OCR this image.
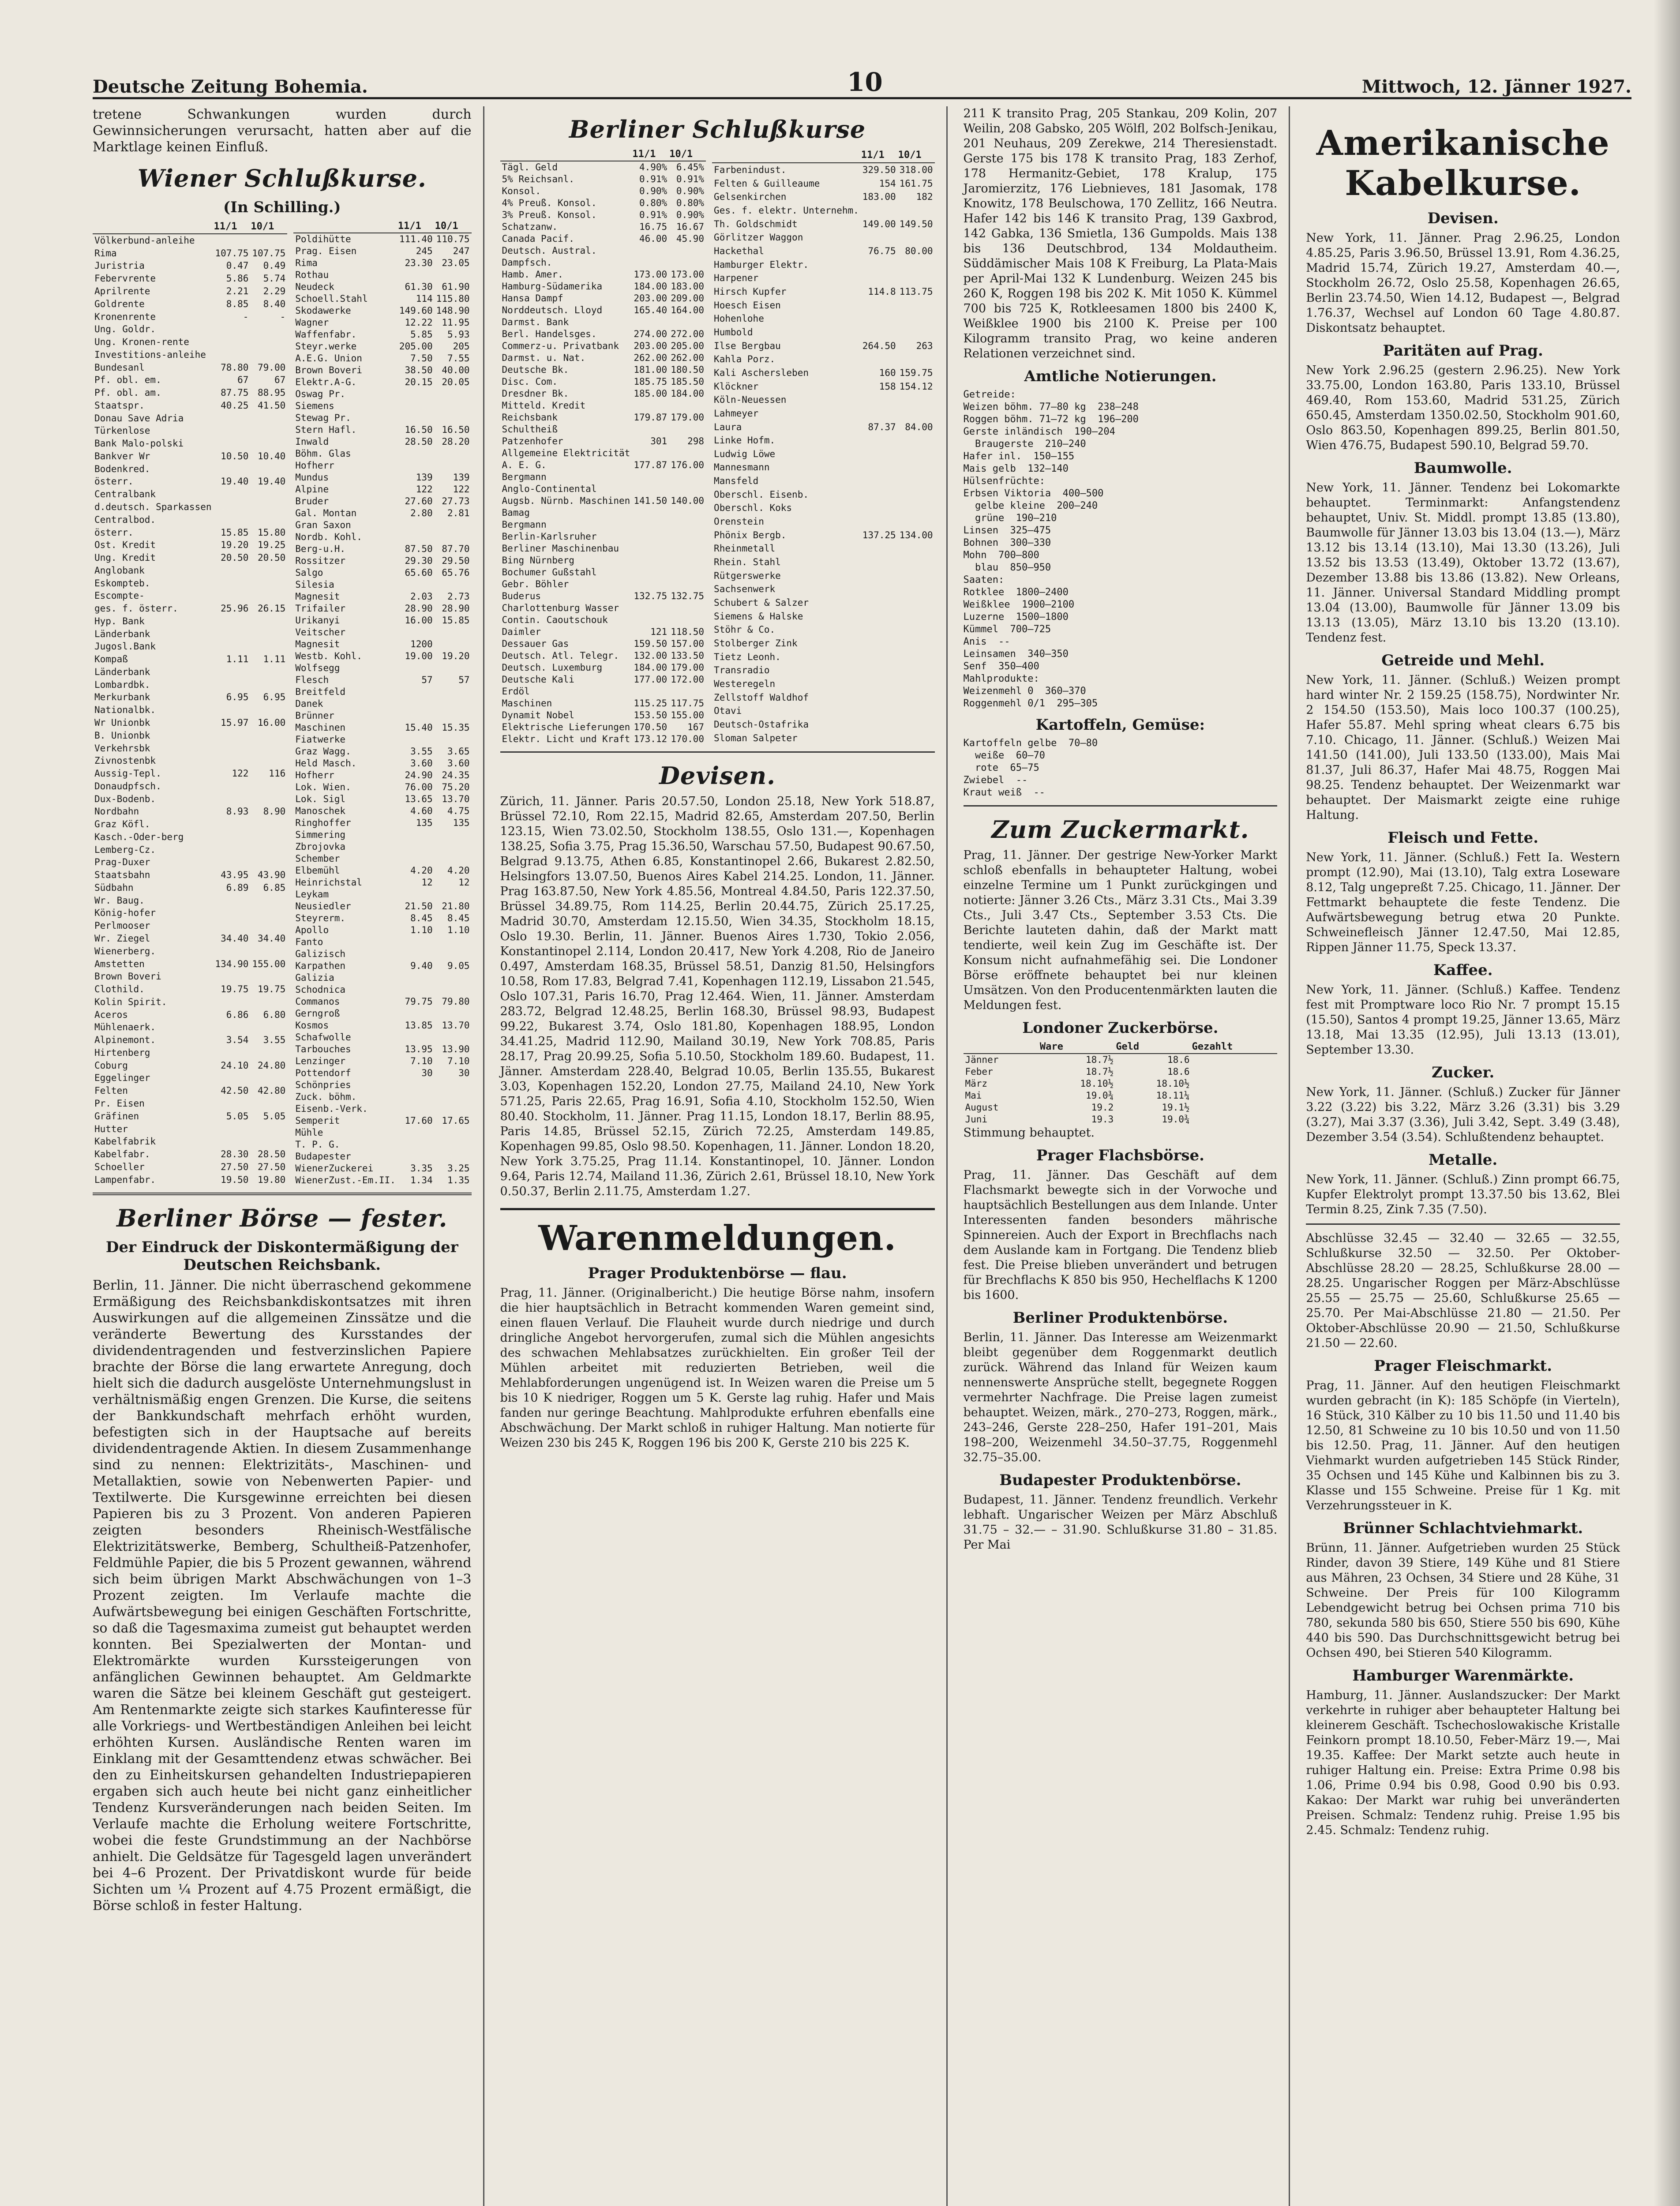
Deutsche Zeitung Bohemia.	10	Mittwoch, 12. Jänner 1927.

tretene Schwankungen wurden durch Gewinnsicherungen verursacht, hatten aber auf die Marktlage keinen Einfluß.

Wiener Schlußkurse.
(In Schilling.)
	11/1	10/1
Völkerbund-anleihe		
Rima	107.75	107.75
Juristria	0.47	0.49
Febervrente	5.86	5.74
Aprilrente	2.21	2.29
Goldrente	8.85	8.40
Kronenrente	-	-
Ung. Goldr.		
Ung. Kronen-rente		
Investitions-anleihe		
Bundesanl	78.80	79.00
Pf. obl. em.	67	67
Pf. obl. am.	87.75	88.95
Staatspr.	40.25	41.50
Donau Save Adria		
Türkenlose		
Bank Malo-polski		
Bankver Wr	10.50	10.40
Bodenkred.		
österr.	19.40	19.40
Centralbank		
d.deutsch. Sparkassen		
Centralbod.		
österr.	15.85	15.80
Ost. Kredit	19.20	19.25
Ung. Kredit	20.50	20.50
Anglobank		
Eskompteb.		
Escompte-		
ges. f. österr.	25.96	26.15
Hyp. Bank		
Länderbank		
Jugosl.Bank		
Kompaß	1.11	1.11
Länderbank		
Lombardbk.		
Merkurbank	6.95	6.95
Nationalbk.		
Wr Unionbk	15.97	16.00
B. Unionbk		
Verkehrsbk		
Zivnostenbk		
Aussig-Tepl.	122	116
Donaudpfsch.		
Dux-Bodenb.		
Nordbahn	8.93	8.90
Graz Köfl.		
Kasch.-Oder-berg		
Lemberg-Cz.		
Prag-Duxer		
Staatsbahn	43.95	43.90
Südbahn	6.89	6.85
Wr. Baug.		
König-hofer		
Perlmooser		
Wr. Ziegel	34.40	34.40
Wienerberg.		
Amstetten	134.90	155.00
Brown Boveri		
Clothild.	19.75	19.75
Kolin Spirit.		
Aceros	6.86	6.80
Mühlenaerk.		
Alpinemont.	3.54	3.55
Hirtenberg		
Coburg	24.10	24.80
Eggelinger		
Felten	42.50	42.80
Pr. Eisen		
Gräfinen	5.05	5.05
Hutter		
Kabelfabrik		
Kabelfabr.	28.30	28.50
Schoeller	27.50	27.50
Lampenfabr.	19.50	19.80
	11/1	10/1
Poldihütte	111.40	110.75
Prag. Eisen	245	247
Rima	23.30	23.05
Rothau		
Neudeck	61.30	61.90
Schoell.Stahl	114	115.80
Skodawerke	149.60	148.90
Wagner	12.22	11.95
Waffenfabr.	5.85	5.93
Steyr.werke	205.00	205
A.E.G. Union	7.50	7.55
Brown Boveri	38.50	40.00
Elektr.A-G.	20.15	20.05
Oswag Pr.		
Siemens		
Stewag Pr.		
Stern Hafl.	16.50	16.50
Inwald	28.50	28.20
Böhm. Glas		
Hofherr		
Mundus	139	139
Alpine	122	122
Bruder	27.60	27.73
Gal. Montan	2.80	2.81
Gran Saxon		
Nordb. Kohl.		
Berg-u.H.	87.50	87.70
Rossitzer	29.30	29.50
Salgo	65.60	65.76
Silesia		
Magnesit	2.03	2.73
Trifailer	28.90	28.90
Urikanyi	16.00	15.85
Veitscher		
Magnesit	1200	
Westb. Kohl.	19.00	19.20
Wolfsegg		
Flesch	57	57
Breitfeld		
Danek		
Brünner		
Maschinen	15.40	15.35
Fiatwerke		
Graz Wagg.	3.55	3.65
Held Masch.	3.60	3.60
Hofherr	24.90	24.35
Lok. Wien.	76.00	75.20
Lok. Sigl	13.65	13.70
Manoschek	4.60	4.75
Ringhoffer	135	135
Simmering		
Zbrojovka		
Schember		
Elbemühl	4.20	4.20
Heinrichstal	12	12
Leykam		
Neusiedler	21.50	21.80
Steyrerm.	8.45	8.45
Apollo	1.10	1.10
Fanto		
Galizisch		
Karpathen	9.40	9.05
Galizia		
Schodnica		
Commanos	79.75	79.80
Gerngroß		
Kosmos	13.85	13.70
Schafwolle		
Tarbouches	13.95	13.90
Lenzinger	7.10	7.10
Pottendorf	30	30
Schönpries		
Zuck. böhm.		
Eisenb.-Verk.		
Semperit	17.60	17.65
Mühle		
T. P. G.		
Budapester		
WienerZuckerei	3.35	3.25
WienerZust.-Em.II.	1.34	1.35
Berliner Börse — fester.
Der Eindruck der Diskontermäßigung der Deutschen Reichsbank.

Berlin, 11. Jänner. Die nicht überraschend gekommene Ermäßigung des Reichsbankdiskontsatzes mit ihren Auswirkungen auf die allgemeinen Zinssätze und die veränderte Bewertung des Kursstandes der dividendentragenden und festverzinslichen Papiere brachte der Börse die lang erwartete Anregung, doch hielt sich die dadurch ausgelöste Unternehmungslust in verhältnismäßig engen Grenzen. Die Kurse, die seitens der Bankkundschaft mehrfach erhöht wurden, befestigten sich in der Hauptsache auf bereits dividendentragende Aktien. In diesem Zusammenhange sind zu nennen: Elektrizitäts-, Maschinen- und Metallaktien, sowie von Nebenwerten Papier- und Textilwerte. Die Kursgewinne erreichten bei diesen Papieren bis zu 3 Prozent. Von anderen Papieren zeigten besonders Rheinisch-Westfälische Elektrizitätswerke, Bemberg, Schultheiß-Patzenhofer, Feldmühle Papier, die bis 5 Prozent gewannen, während sich beim übrigen Markt Abschwächungen von 1–3 Prozent zeigten. Im Verlaufe machte die Aufwärtsbewegung bei einigen Geschäften Fortschritte, so daß die Tagesmaxima zumeist gut behauptet werden konnten. Bei Spezialwerten der Montan- und Elektromärkte wurden Kurssteigerungen von anfänglichen Gewinnen behauptet. Am Geldmarkte waren die Sätze bei kleinem Geschäft gut gesteigert. Am Rentenmarkte zeigte sich starkes Kaufinteresse für alle Vorkriegs- und Wertbeständigen Anleihen bei leicht erhöhten Kursen. Ausländische Renten waren im Einklang mit der Gesamttendenz etwas schwächer. Bei den zu Einheitskursen gehandelten Industriepapieren ergaben sich auch heute bei nicht ganz einheitlicher Tendenz Kursveränderungen nach beiden Seiten. Im Verlaufe machte die Erholung weitere Fortschritte, wobei die feste Grundstimmung an der Nachbörse anhielt. Die Geldsätze für Tagesgeld lagen unverändert bei 4–6 Prozent. Der Privatdiskont wurde für beide Sichten um ¼ Prozent auf 4.75 Prozent ermäßigt, die Börse schloß in fester Haltung.

Berliner Schlußkurse
	11/1	10/1
Tägl. Geld	4.90%	6.45%
5% Reichsanl.	0.91%	0.91%
Konsol.	0.90%	0.90%
4% Preuß. Konsol.	0.80%	0.80%
3% Preuß. Konsol.	0.91%	0.90%
Schatzanw.	16.75	16.67
Canada Pacif.	46.00	45.90
Deutsch. Austral.		
Dampfsch.		
Hamb. Amer.	173.00	173.00
Hamburg-Südamerika	184.00	183.00
Hansa Dampf	203.00	209.00
Norddeutsch. Lloyd	165.40	164.00
Darmst. Bank		
Berl. Handelsges.	274.00	272.00
Commerz-u. Privatbank	203.00	205.00
Darmst. u. Nat.	262.00	262.00
Deutsche Bk.	181.00	180.50
Disc. Com.	185.75	185.50
Dresdner Bk.	185.00	184.00
Mitteld. Kredit		
Reichsbank	179.87	179.00
Schultheiß		
Patzenhofer	301	298
Allgemeine Elektricität		
A. E. G.	177.87	176.00
Bergmann		
Anglo-Continental		
Augsb. Nürnb. Maschinen	141.50	140.00
Bamag		
Bergmann		
Berlin-Karlsruher		
Berliner Maschinenbau		
Bing Nürnberg		
Bochumer Gußstahl		
Gebr. Böhler		
Buderus	132.75	132.75
Charlottenburg Wasser		
Contin. Caoutschouk		
Daimler	121	118.50
Dessauer Gas	159.50	157.00
Deutsch. Atl. Telegr.	132.00	133.50
Deutsch. Luxemburg	184.00	179.00
Deutsche Kali	177.00	172.00
Erdöl		
Maschinen	115.25	117.75
Dynamit Nobel	153.50	155.00
Elektrische Lieferungen	170.50	167
Elektr. Licht und Kraft	173.12	170.00
	11/1	10/1
Farbenindust.	329.50	318.00
Felten & Guilleaume	154	161.75
Gelsenkirchen	183.00	182
Ges. f. elektr. Unternehm.		
Th. Goldschmidt	149.00	149.50
Görlitzer Waggon		
Hackethal	76.75	80.00
Hamburger Elektr.		
Harpener		
Hirsch Kupfer	114.8	113.75
Hoesch Eisen		
Hohenlohe		
Humbold		
Ilse Bergbau	264.50	263
Kahla Porz.		
Kali Aschersleben	160	159.75
Klöckner	158	154.12
Köln-Neuessen		
Lahmeyer		
Laura	87.37	84.00
Linke Hofm.		
Ludwig Löwe		
Mannesmann		
Mansfeld		
Oberschl. Eisenb.		
Oberschl. Koks		
Orenstein		
Phönix Bergb.	137.25	134.00
Rheinmetall		
Rhein. Stahl		
Rütgerswerke		
Sachsenwerk		
Schubert & Salzer		
Siemens & Halske		
Stöhr & Co.		
Stolberger Zink		
Tietz Leonh.		
Transradio		
Westeregeln		
Zellstoff Waldhof		
Otavi		
Deutsch-Ostafrika		
Sloman Salpeter		
Devisen.

Zürich, 11. Jänner. Paris 20.57.50, London 25.18, New York 518.87, Brüssel 72.10, Rom 22.15, Madrid 82.65, Amsterdam 207.50, Berlin 123.15, Wien 73.02.50, Stockholm 138.55, Oslo 131.—, Kopenhagen 138.25, Sofia 3.75, Prag 15.36.50, Warschau 57.50, Budapest 90.67.50, Belgrad 9.13.75, Athen 6.85, Konstantinopel 2.66, Bukarest 2.82.50, Helsingfors 13.07.50, Buenos Aires Kabel 214.25. London, 11. Jänner. Prag 163.87.50, New York 4.85.56, Montreal 4.84.50, Paris 122.37.50, Brüssel 34.89.75, Rom 114.25, Berlin 20.44.75, Zürich 25.17.25, Madrid 30.70, Amsterdam 12.15.50, Wien 34.35, Stockholm 18.15, Oslo 19.30. Berlin, 11. Jänner. Buenos Aires 1.730, Tokio 2.056, Konstantinopel 2.114, London 20.417, New York 4.208, Rio de Janeiro 0.497, Amsterdam 168.35, Brüssel 58.51, Danzig 81.50, Helsingfors 10.58, Rom 17.83, Belgrad 7.41, Kopenhagen 112.19, Lissabon 21.545, Oslo 107.31, Paris 16.70, Prag 12.464. Wien, 11. Jänner. Amsterdam 283.72, Belgrad 12.48.25, Berlin 168.30, Brüssel 98.93, Budapest 99.22, Bukarest 3.74, Oslo 181.80, Kopenhagen 188.95, London 34.41.25, Madrid 112.90, Mailand 30.19, New York 708.85, Paris 28.17, Prag 20.99.25, Sofia 5.10.50, Stockholm 189.60. Budapest, 11. Jänner. Amsterdam 228.40, Belgrad 10.05, Berlin 135.55, Bukarest 3.03, Kopenhagen 152.20, London 27.75, Mailand 24.10, New York 571.25, Paris 22.65, Prag 16.91, Sofia 4.10, Stockholm 152.50, Wien 80.40. Stockholm, 11. Jänner. Prag 11.15, London 18.17, Berlin 88.95, Paris 14.85, Brüssel 52.15, Zürich 72.25, Amsterdam 149.85, Kopenhagen 99.85, Oslo 98.50. Kopenhagen, 11. Jänner. London 18.20, New York 3.75.25, Prag 11.14. Konstantinopel, 10. Jänner. London 9.64, Paris 12.74, Mailand 11.36, Zürich 2.61, Brüssel 18.10, New York 0.50.37, Berlin 2.11.75, Amsterdam 1.27.

Warenmeldungen.
Prager Produktenbörse — flau.

Prag, 11. Jänner. (Originalbericht.) Die heutige Börse nahm, insofern die hier hauptsächlich in Betracht kommenden Waren gemeint sind, einen flauen Verlauf. Die Flauheit wurde durch niedrige und durch dringliche Angebot hervorgerufen, zumal sich die Mühlen angesichts des schwachen Mehlabsatzes zurückhielten. Ein großer Teil der Mühlen arbeitet mit reduzierten Betrieben, weil die Mehlabforderungen ungenügend ist. In Weizen waren die Preise um 5 bis 10 K niedriger, Roggen um 5 K. Gerste lag ruhig. Hafer und Mais fanden nur geringe Beachtung. Mahlprodukte erfuhren ebenfalls eine Abschwächung. Der Markt schloß in ruhiger Haltung. Man notierte für Weizen 230 bis 245 K, Roggen 196 bis 200 K, Gerste 210 bis 225 K.

211 K transito Prag, 205 Stankau, 209 Kolin, 207 Weilin, 208 Gabsko, 205 Wölfl, 202 Bolfsch-Jenikau, 201 Neuhaus, 209 Zerekwe, 214 Theresienstadt. Gerste 175 bis 178 K transito Prag, 183 Zerhof, 178 Hermanitz-Gebiet, 178 Kralup, 175 Jaromierzitz, 176 Liebnieves, 181 Jasomak, 178 Knowitz, 178 Beulschowa, 170 Zellitz, 166 Neutra. Hafer 142 bis 146 K transito Prag, 139 Gaxbrod, 142 Gabka, 136 Smietla, 136 Gumpolds. Mais 138 bis 136 Deutschbrod, 134 Moldautheim. Süddämischer Mais 108 K Freiburg, La Plata-Mais per April-Mai 132 K Lundenburg. Weizen 245 bis 260 K, Roggen 198 bis 202 K. Mit 1050 K. Kümmel 700 bis 725 K, Rotkleesamen 1800 bis 2400 K, Weißklee 1900 bis 2100 K. Preise per 100 Kilogramm transito Prag, wo keine anderen Relationen verzeichnet sind.

Amtliche Notierungen.
Getreide:
Weizen böhm. 77–80 kg  238–248
Roggen böhm. 71–72 kg  196–200
Gerste inländisch  190–204
Braugerste  210–240
Hafer inl.  150–155
Mais gelb  132–140
Hülsenfrüchte:
Erbsen Viktoria  400–500
gelbe kleine  200–240
grüne  190–210
Linsen  325–475
Bohnen  300–330
Mohn  700–800
blau  850–950
Saaten:
Rotklee  1800–2400
Weißklee  1900–2100
Luzerne  1500–1800
Kümmel  700–725
Anis  --
Leinsamen  340–350
Senf  350–400
Mahlprodukte:
Weizenmehl 0  360–370
Roggenmehl 0/1  295–305
Kartoffeln, Gemüse:
Kartoffeln gelbe  70–80
weiße  60–70
rote  65–75
Zwiebel  --
Kraut weiß  --
Zum Zuckermarkt.

Prag, 11. Jänner. Der gestrige New-Yorker Markt schloß ebenfalls in behaupteter Haltung, wobei einzelne Termine um 1 Punkt zurückgingen und notierte: Jänner 3.26 Cts., März 3.31 Cts., Mai 3.39 Cts., Juli 3.47 Cts., September 3.53 Cts. Die Berichte lauteten dahin, daß der Markt matt tendierte, weil kein Zug im Geschäfte ist. Der Konsum nicht aufnahmefähig sei. Die Londoner Börse eröffnete behauptet bei nur kleinen Umsätzen. Von den Producentenmärkten lauten die Meldungen fest.

Londoner Zuckerbörse.
	Ware	Geld	Gezahlt
Jänner	18.7½	18.6	
Feber	18.7½	18.6	
März	18.10½	18.10½	
Mai	19.0¾	18.11¼	
August	19.2	19.1½	
Juni	19.3	19.0¾	

Stimmung behauptet.

Prager Flachsbörse.

Prag, 11. Jänner. Das Geschäft auf dem Flachsmarkt bewegte sich in der Vorwoche und hauptsächlich Bestellungen aus dem Inlande. Unter Interessenten fanden besonders mährische Spinnereien. Auch der Export in Brechflachs nach dem Auslande kam in Fortgang. Die Tendenz blieb fest. Die Preise blieben unverändert und betrugen für Brechflachs K 850 bis 950, Hechelflachs K 1200 bis 1600.

Berliner Produktenbörse.

Berlin, 11. Jänner. Das Interesse am Weizenmarkt bleibt gegenüber dem Roggenmarkt deutlich zurück. Während das Inland für Weizen kaum nennenswerte Ansprüche stellt, begegnete Roggen vermehrter Nachfrage. Die Preise lagen zumeist behauptet. Weizen, märk., 270–273, Roggen, märk., 243–246, Gerste 228–250, Hafer 191–201, Mais 198–200, Weizenmehl 34.50–37.75, Roggenmehl 32.75–35.00.

Budapester Produktenbörse.

Budapest, 11. Jänner. Tendenz freundlich. Verkehr lebhaft. Ungarischer Weizen per März Abschluß 31.75 – 32.— – 31.90. Schlußkurse 31.80 – 31.85. Per Mai

Amerikanische Kabelkurse.
Devisen.

New York, 11. Jänner. Prag 2.96.25, London 4.85.25, Paris 3.96.50, Brüssel 13.91, Rom 4.36.25, Madrid 15.74, Zürich 19.27, Amsterdam 40.—, Stockholm 26.72, Oslo 25.58, Kopenhagen 26.65, Berlin 23.74.50, Wien 14.12, Budapest —, Belgrad 1.76.37, Wechsel auf London 60 Tage 4.80.87. Diskontsatz behauptet.

Paritäten auf Prag.

New York 2.96.25 (gestern 2.96.25). New York 33.75.00, London 163.80, Paris 133.10, Brüssel 469.40, Rom 153.60, Madrid 531.25, Zürich 650.45, Amsterdam 1350.02.50, Stockholm 901.60, Oslo 863.50, Kopenhagen 899.25, Berlin 801.50, Wien 476.75, Budapest 590.10, Belgrad 59.70.

Baumwolle.

New York, 11. Jänner. Tendenz bei Lokomarkte behauptet. Terminmarkt: Anfangstendenz behauptet, Univ. St. Middl. prompt 13.85 (13.80), Baumwolle für Jänner 13.03 bis 13.04 (13.—), März 13.12 bis 13.14 (13.10), Mai 13.30 (13.26), Juli 13.52 bis 13.53 (13.49), Oktober 13.72 (13.67), Dezember 13.88 bis 13.86 (13.82). New Orleans, 11. Jänner. Universal Standard Middling prompt 13.04 (13.00), Baumwolle für Jänner 13.09 bis 13.13 (13.05), März 13.10 bis 13.20 (13.10). Tendenz fest.

Getreide und Mehl.

New York, 11. Jänner. (Schluß.) Weizen prompt hard winter Nr. 2 159.25 (158.75), Nordwinter Nr. 2 154.50 (153.50), Mais loco 100.37 (100.25), Hafer 55.87. Mehl spring wheat clears 6.75 bis 7.10. Chicago, 11. Jänner. (Schluß.) Weizen Mai 141.50 (141.00), Juli 133.50 (133.00), Mais Mai 81.37, Juli 86.37, Hafer Mai 48.75, Roggen Mai 98.25. Tendenz behauptet. Der Weizenmarkt war behauptet. Der Maismarkt zeigte eine ruhige Haltung.

Fleisch und Fette.

New York, 11. Jänner. (Schluß.) Fett Ia. Western prompt (12.90), Mai (13.10), Talg extra Loseware 8.12, Talg ungepreßt 7.25. Chicago, 11. Jänner. Der Fettmarkt behauptete die feste Tendenz. Die Aufwärtsbewegung betrug etwa 20 Punkte. Schweinefleisch Jänner 12.47.50, Mai 12.85, Rippen Jänner 11.75, Speck 13.37.

Kaffee.

New York, 11. Jänner. (Schluß.) Kaffee. Tendenz fest mit Promptware loco Rio Nr. 7 prompt 15.15 (15.50), Santos 4 prompt 19.25, Jänner 13.65, März 13.18, Mai 13.35 (12.95), Juli 13.13 (13.01), September 13.30.

Zucker.

New York, 11. Jänner. (Schluß.) Zucker für Jänner 3.22 (3.22) bis 3.22, März 3.26 (3.31) bis 3.29 (3.27), Mai 3.37 (3.36), Juli 3.42, Sept. 3.49 (3.48), Dezember 3.54 (3.54). Schlußtendenz behauptet.

Metalle.

New York, 11. Jänner. (Schluß.) Zinn prompt 66.75, Kupfer Elektrolyt prompt 13.37.50 bis 13.62, Blei Termin 8.25, Zink 7.35 (7.50).

Abschlüsse 32.45 — 32.40 — 32.65 — 32.55, Schlußkurse 32.50 — 32.50. Per Oktober-Abschlüsse 28.20 — 28.25, Schlußkurse 28.00 — 28.25. Ungarischer Roggen per März-Abschlüsse 25.55 — 25.75 — 25.60, Schlußkurse 25.65 — 25.70. Per Mai-Abschlüsse 21.80 — 21.50. Per Oktober-Abschlüsse 20.90 — 21.50, Schlußkurse 21.50 — 22.60.

Prager Fleischmarkt.

Prag, 11. Jänner. Auf den heutigen Fleischmarkt wurden gebracht (in K): 185 Schöpfe (in Vierteln), 16 Stück, 310 Kälber zu 10 bis 11.50 und 11.40 bis 12.50, 81 Schweine zu 10 bis 10.50 und von 11.50 bis 12.50. Prag, 11. Jänner. Auf den heutigen Viehmarkt wurden aufgetrieben 145 Stück Rinder, 35 Ochsen und 145 Kühe und Kalbinnen bis zu 3. Klasse und 155 Schweine. Preise für 1 Kg. mit Verzehrungssteuer in K.

Brünner Schlachtviehmarkt.

Brünn, 11. Jänner. Aufgetrieben wurden 25 Stück Rinder, davon 39 Stiere, 149 Kühe und 81 Stiere aus Mähren, 23 Ochsen, 34 Stiere und 28 Kühe, 31 Schweine. Der Preis für 100 Kilogramm Lebendgewicht betrug bei Ochsen prima 710 bis 780, sekunda 580 bis 650, Stiere 550 bis 690, Kühe 440 bis 590. Das Durchschnittsgewicht betrug bei Ochsen 490, bei Stieren 540 Kilogramm.

Hamburger Warenmärkte.

Hamburg, 11. Jänner. Auslandszucker: Der Markt verkehrte in ruhiger aber behaupteter Haltung bei kleinerem Geschäft. Tschechoslowakische Kristalle Feinkorn prompt 18.10.50, Feber-März 19.—, Mai 19.35. Kaffee: Der Markt setzte auch heute in ruhiger Haltung ein. Preise: Extra Prime 0.98 bis 1.06, Prime 0.94 bis 0.98, Good 0.90 bis 0.93. Kakao: Der Markt war ruhig bei unveränderten Preisen. Schmalz: Tendenz ruhig. Preise 1.95 bis 2.45. Schmalz: Tendenz ruhig.
